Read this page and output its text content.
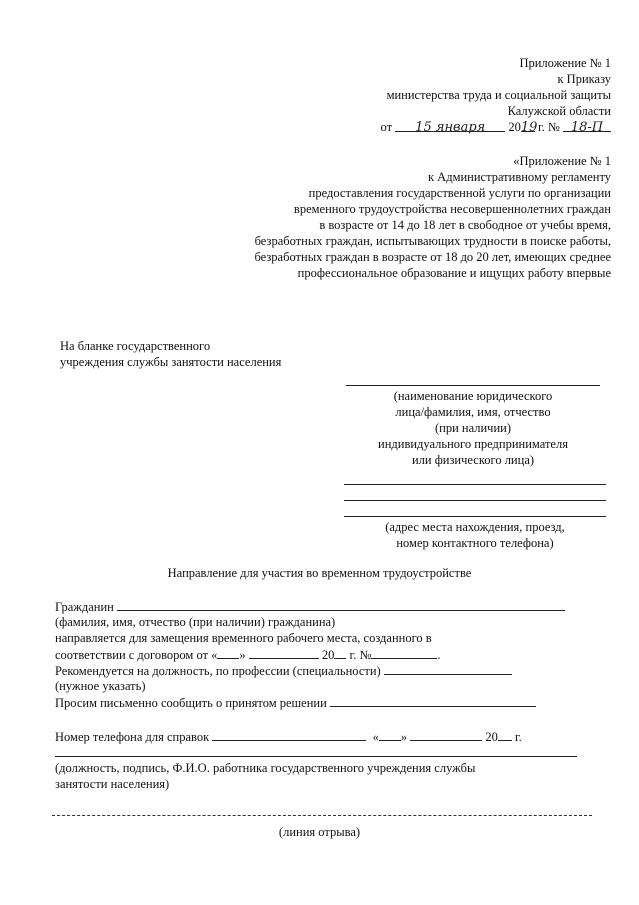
Приложение № 1
к Приказу
министерства труда и социальной защиты
Калужской области
от 15 января 2019 г. № 18-П
«Приложение № 1
к Административному регламенту
предоставления государственной услуги по организации
временного трудоустройства несовершеннолетних граждан
в возрасте от 14 до 18 лет в свободное от учебы время,
безработных граждан, испытывающих трудности в поиске работы,
безработных граждан в возрасте от 18 до 20 лет, имеющих среднее
профессиональное образование и ищущих работу впервые
На бланке государственного
учреждения службы занятости населения
(наименование юридического
лица/фамилия, имя, отчество
(при наличии)
индивидуального предпринимателя
или физического лица)
(адрес места нахождения, проезд,
номер контактного телефона)
Направление для участия во временном трудоустройстве
Гражданин
(фамилия, имя, отчество (при наличии) гражданина)
направляется для замещения временного рабочего места, созданного в
соответствии с договором от « »	20 г. №	.
Рекомендуется на должность, по профессии (специальности)
(нужное указать)
Просим письменно сообщить о принятом решении
Номер телефона для справок	« »	20 г.
(должность, подпись, Ф.И.О. работника государственного учреждения службы
занятости населения)
(линия отрыва)
